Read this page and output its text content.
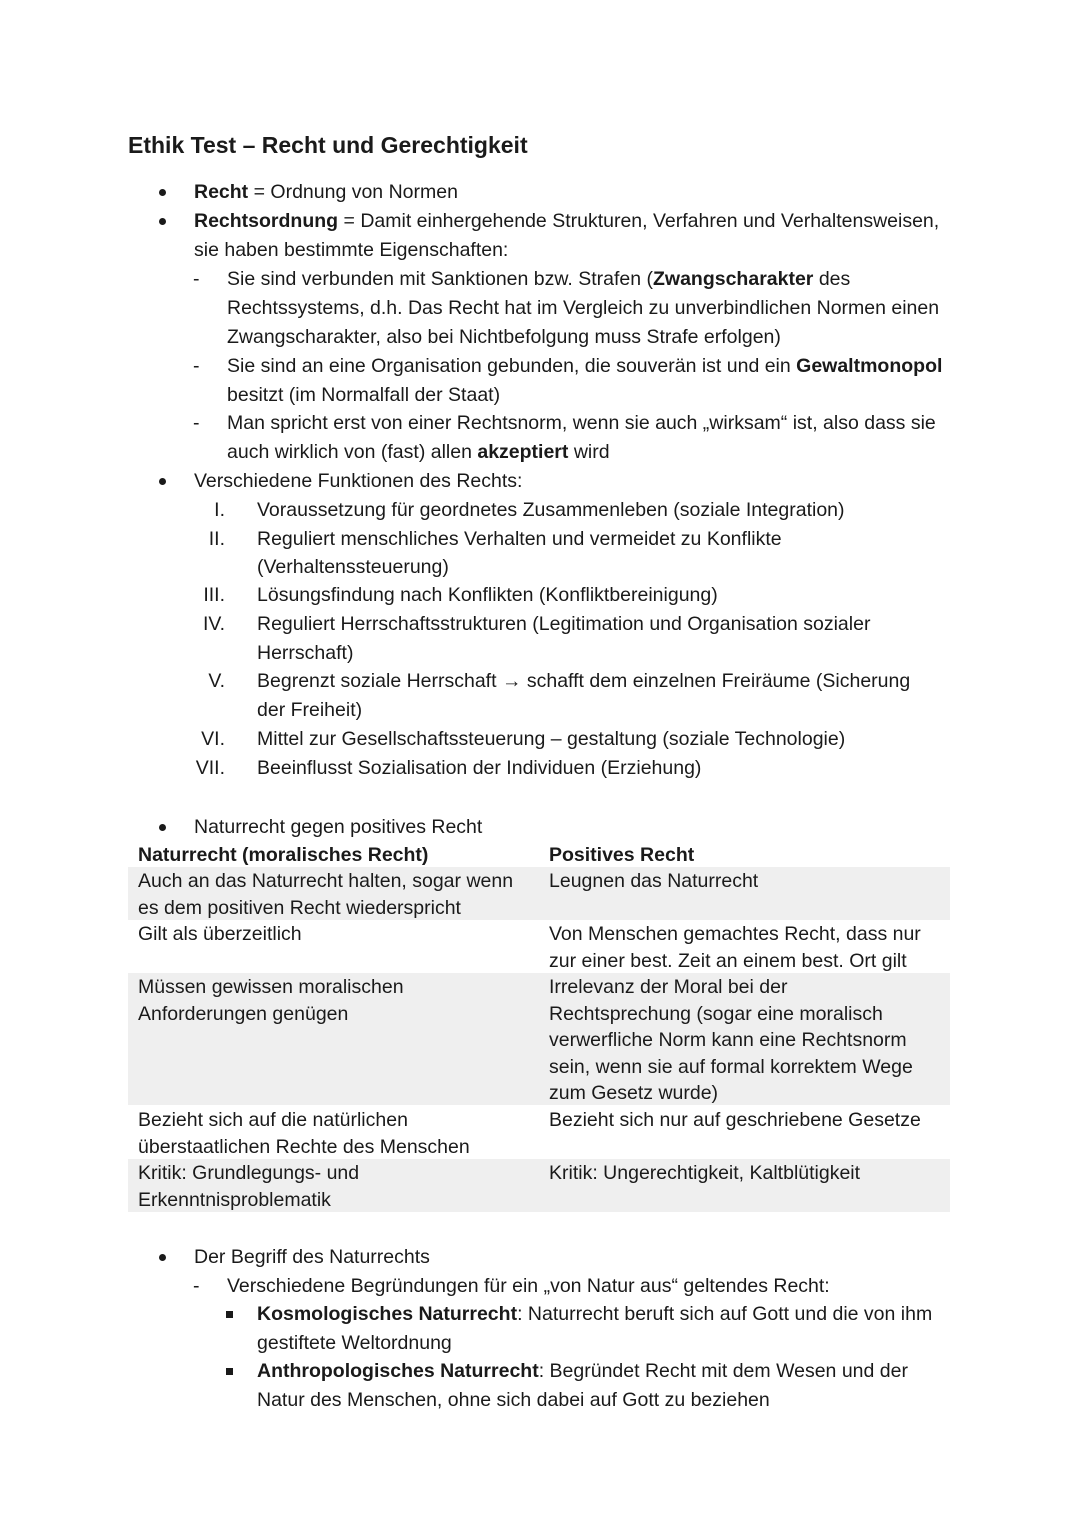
Ethik Test – Recht und Gerechtigkeit
Recht = Ordnung von Normen
Rechtsordnung = Damit einhergehende Strukturen, Verfahren und Verhaltensweisen,
sie haben bestimmte Eigenschaften:
- Sie sind verbunden mit Sanktionen bzw. Strafen (Zwangscharakter des
Rechtssystems, d.h. Das Recht hat im Vergleich zu unverbindlichen Normen einen
Zwangscharakter, also bei Nichtbefolgung muss Strafe erfolgen)
- Sie sind an eine Organisation gebunden, die souverän ist und ein Gewaltmonopol
besitzt (im Normalfall der Staat)
- Man spricht erst von einer Rechtsnorm, wenn sie auch „wirksam“ ist, also dass sie
auch wirklich von (fast) allen akzeptiert wird
Verschiedene Funktionen des Rechts:
I. Voraussetzung für geordnetes Zusammenleben (soziale Integration)
II. Reguliert menschliches Verhalten und vermeidet zu Konflikte
(Verhaltenssteuerung)
III. Lösungsfindung nach Konflikten (Konfliktbereinigung)
IV. Reguliert Herrschaftsstrukturen (Legitimation und Organisation sozialer
Herrschaft)
V. Begrenzt soziale Herrschaft → schafft dem einzelnen Freiräume (Sicherung
der Freiheit)
VI. Mittel zur Gesellschaftssteuerung – gestaltung (soziale Technologie)
VII. Beeinflusst Sozialisation der Individuen (Erziehung)
Naturrecht gegen positives Recht
Naturrecht (moralisches Recht)	Positives Recht
Auch an das Naturrecht halten, sogar wenn
es dem positiven Recht wiederspricht
Leugnen das Naturrecht
Gilt als überzeitlich	Von Menschen gemachtes Recht, dass nur
zur einer best. Zeit an einem best. Ort gilt
Müssen gewissen moralischen
Anforderungen genügen
Irrelevanz der Moral bei der
Rechtsprechung (sogar eine moralisch
verwerfliche Norm kann eine Rechtsnorm
sein, wenn sie auf formal korrektem Wege
zum Gesetz wurde)
Bezieht sich auf die natürlichen
überstaatlichen Rechte des Menschen
Bezieht sich nur auf geschriebene Gesetze
Kritik: Grundlegungs- und
Erkenntnisproblematik
Kritik: Ungerechtigkeit, Kaltblütigkeit
Der Begriff des Naturrechts
- Verschiedene Begründungen für ein „von Natur aus“ geltendes Recht:
Kosmologisches Naturrecht: Naturrecht beruft sich auf Gott und die von ihm
gestiftete Weltordnung
Anthropologisches Naturrecht: Begründet Recht mit dem Wesen und der
Natur des Menschen, ohne sich dabei auf Gott zu beziehen
